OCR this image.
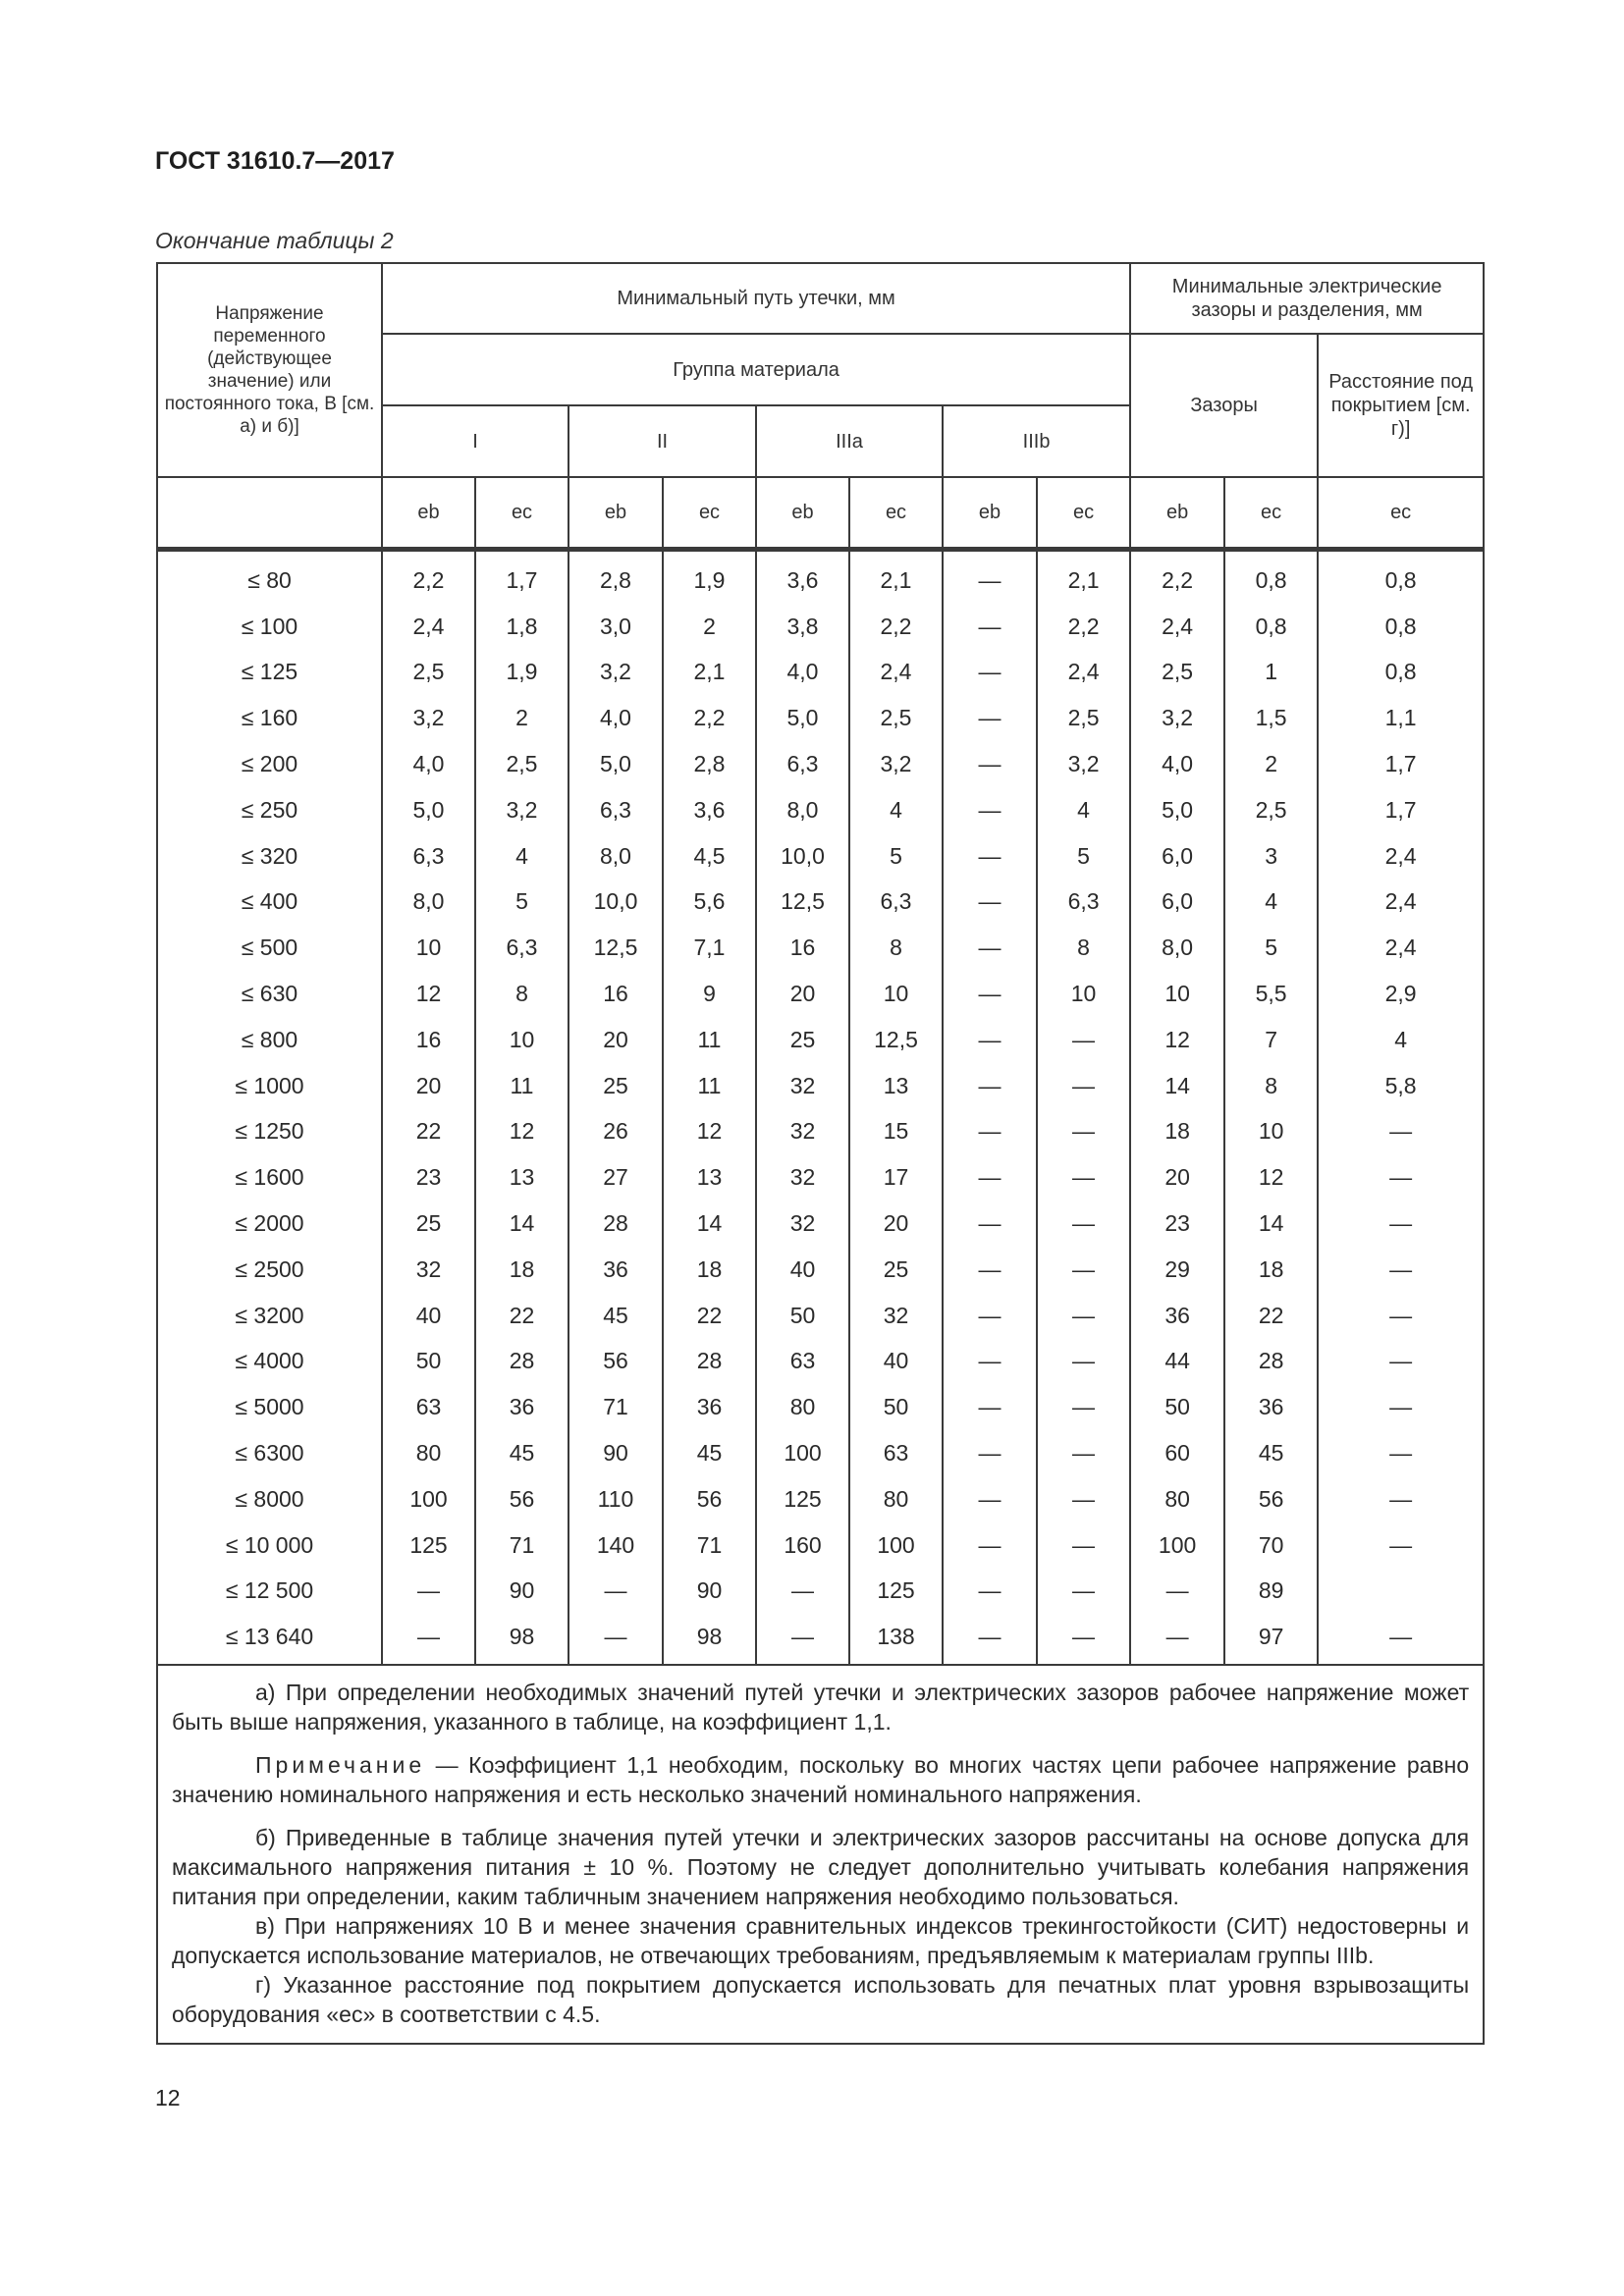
ГОСТ 31610.7—2017
Окончание таблицы 2
Напряжение переменного (действующее значение) или постоянного тока, В [см. а) и б)]	Минимальный путь утечки, мм								Минимальные электрические зазоры и разделения, мм		
	Группа материала								Зазоры		Расстояние под покрытием [см. г)]
	I		II		IIIa		IIIb				
	eb	ec	eb	ec	eb	ec	eb	ec	eb	ec	ec

≤ 80	2,2	1,7	2,8	1,9	3,6	2,1	—	2,1	2,2	0,8	0,8
≤ 100	2,4	1,8	3,0	2	3,8	2,2	—	2,2	2,4	0,8	0,8
≤ 125	2,5	1,9	3,2	2,1	4,0	2,4	—	2,4	2,5	1	0,8
≤ 160	3,2	2	4,0	2,2	5,0	2,5	—	2,5	3,2	1,5	1,1
≤ 200	4,0	2,5	5,0	2,8	6,3	3,2	—	3,2	4,0	2	1,7
≤ 250	5,0	3,2	6,3	3,6	8,0	4	—	4	5,0	2,5	1,7
≤ 320	6,3	4	8,0	4,5	10,0	5	—	5	6,0	3	2,4
≤ 400	8,0	5	10,0	5,6	12,5	6,3	—	6,3	6,0	4	2,4
≤ 500	10	6,3	12,5	7,1	16	8	—	8	8,0	5	2,4
≤ 630	12	8	16	9	20	10	—	10	10	5,5	2,9
≤ 800	16	10	20	11	25	12,5	—	—	12	7	4
≤ 1000	20	11	25	11	32	13	—	—	14	8	5,8
≤ 1250	22	12	26	12	32	15	—	—	18	10	—
≤ 1600	23	13	27	13	32	17	—	—	20	12	—
≤ 2000	25	14	28	14	32	20	—	—	23	14	—
≤ 2500	32	18	36	18	40	25	—	—	29	18	—
≤ 3200	40	22	45	22	50	32	—	—	36	22	—
≤ 4000	50	28	56	28	63	40	—	—	44	28	—
≤ 5000	63	36	71	36	80	50	—	—	50	36	—
≤ 6300	80	45	90	45	100	63	—	—	60	45	—
≤ 8000	100	56	110	56	125	80	—	—	80	56	—
≤ 10 000	125	71	140	71	160	100	—	—	100	70	—
≤ 12 500	—	90	—	90	—	125	—	—	—	89	
≤ 13 640	—	98	—	98	—	138	—	—	—	97	—

а) При определении необходимых значений путей утечки и электрических зазоров рабочее напряжение может быть выше напряжения, указанного в таблице, на коэффициент 1,1.

Примечание — Коэффициент 1,1 необходим, поскольку во многих частях цепи рабочее напряжение равно значению номинального напряжения и есть несколько значений номинального напряжения.

б) Приведенные в таблице значения путей утечки и электрических зазоров рассчитаны на основе допуска для максимального напряжения питания ± 10 %. Поэтому не следует дополнительно учитывать колебания напряжения питания при определении, каким табличным значением напряжения необходимо пользоваться.

в) При напряжениях 10 В и менее значения сравнительных индексов трекингостойкости (СИТ) недостоверны и допускается использование материалов, не отвечающих требованиям, предъявляемым к материалам группы IIIb.

г) Указанное расстояние под покрытием допускается использовать для печатных плат уровня взрывозащиты оборудования «ес» в соответствии с 4.5.											

12
